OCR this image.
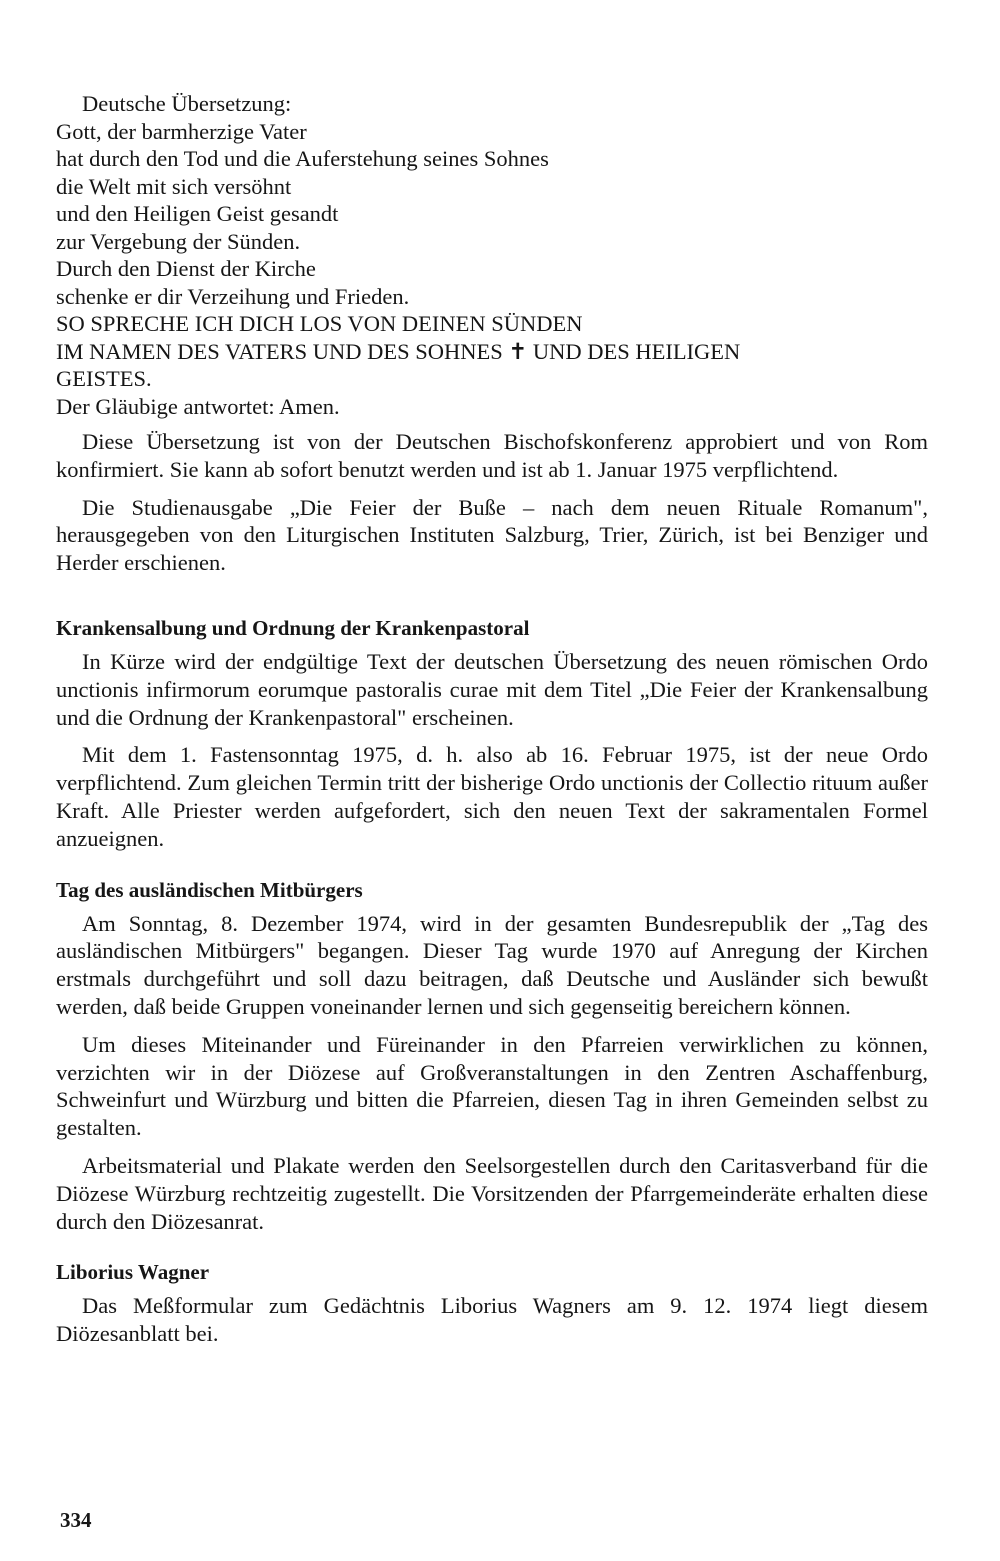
Deutsche Übersetzung:
Gott, der barmherzige Vater
hat durch den Tod und die Auferstehung seines Sohnes
die Welt mit sich versöhnt
und den Heiligen Geist gesandt
zur Vergebung der Sünden.
Durch den Dienst der Kirche
schenke er dir Verzeihung und Frieden.
SO SPRECHE ICH DICH LOS VON DEINEN SÜNDEN
IM NAMEN DES VATERS UND DES SOHNES ✝ UND DES HEILIGEN
GEISTES.
Der Gläubige antwortet: Amen.

Diese Übersetzung ist von der Deutschen Bischofskonferenz approbiert und von Rom konfirmiert. Sie kann ab sofort benutzt werden und ist ab 1. Januar 1975 verpflichtend.

Die Studienausgabe „Die Feier der Buße – nach dem neuen Rituale Romanum", herausgegeben von den Liturgischen Instituten Salzburg, Trier, Zürich, ist bei Benziger und Herder erschienen.

Krankensalbung und Ordnung der Krankenpastoral

In Kürze wird der endgültige Text der deutschen Übersetzung des neuen römischen Ordo unctionis infirmorum eorumque pastoralis curae mit dem Titel „Die Feier der Krankensalbung und die Ordnung der Krankenpastoral" erscheinen.

Mit dem 1. Fastensonntag 1975, d. h. also ab 16. Februar 1975, ist der neue Ordo verpflichtend. Zum gleichen Termin tritt der bisherige Ordo unctionis der Collectio rituum außer Kraft. Alle Priester werden aufgefordert, sich den neuen Text der sakramentalen Formel anzueignen.

Tag des ausländischen Mitbürgers

Am Sonntag, 8. Dezember 1974, wird in der gesamten Bundesrepublik der „Tag des ausländischen Mitbürgers" begangen. Dieser Tag wurde 1970 auf Anregung der Kirchen erstmals durchgeführt und soll dazu beitragen, daß Deutsche und Ausländer sich bewußt werden, daß beide Gruppen voneinander lernen und sich gegenseitig bereichern können.

Um dieses Miteinander und Füreinander in den Pfarreien verwirklichen zu können, verzichten wir in der Diözese auf Großveranstaltungen in den Zentren Aschaffenburg, Schweinfurt und Würzburg und bitten die Pfarreien, diesen Tag in ihren Gemeinden selbst zu gestalten.

Arbeitsmaterial und Plakate werden den Seelsorgestellen durch den Caritasverband für die Diözese Würzburg rechtzeitig zugestellt. Die Vorsitzenden der Pfarrgemeinderäte erhalten diese durch den Diözesanrat.

Liborius Wagner

Das Meßformular zum Gedächtnis Liborius Wagners am 9. 12. 1974 liegt diesem Diözesanblatt bei.

334
